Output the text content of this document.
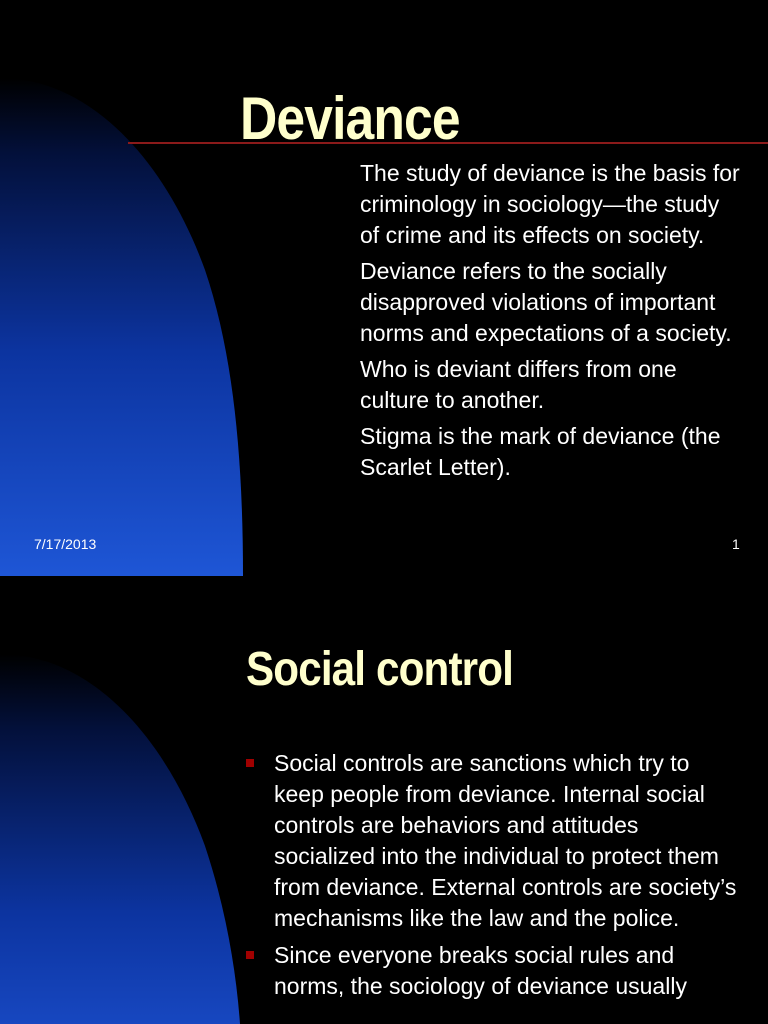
Deviance
The study of deviance is the basis for criminology in sociology—the study of crime and its effects on society.
Deviance refers to the socially disapproved violations of important norms and expectations of a society.
Who is deviant differs from one culture to another.
Stigma is the mark of deviance (the Scarlet Letter).
7/17/2013	1
Social control
Social controls are sanctions which try to keep people from deviance. Internal social controls are behaviors and attitudes socialized into the individual to protect them from deviance. External controls are society’s mechanisms like the law and the police.
Since everyone breaks social rules and norms, the sociology of deviance usually
